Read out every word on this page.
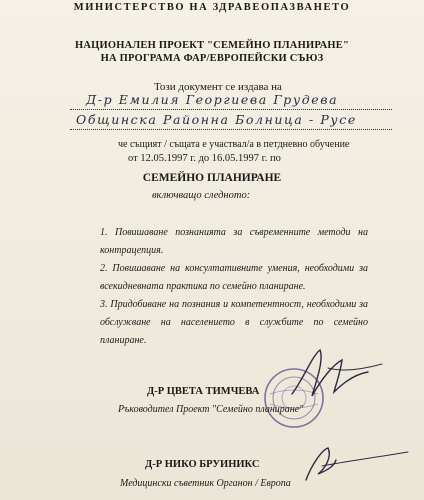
МИНИСТЕРСТВО НА ЗДРАВЕОПАЗВАНЕТО
НАЦИОНАЛЕН ПРОЕКТ "СЕМЕЙНО ПЛАНИРАНЕ"
НА ПРОГРАМА ФАР/ЕВРОПЕЙСКИ СЪЮЗ
Този документ се издава на
Д-р Емилия Георгиева Грудева
Общинска Районна Болница - Русе
че същият / същата е участвал/а в петдневно обучение
от 12.05.1997 г. до 16.05.1997 г. по
СЕМЕЙНО ПЛАНИРАНЕ
включващо следното:
1. Повишаване познанията за съвременните методи на контрацепция.
2. Повишаване на консултативните умения, необходими за всекидневната практика по семейно планиране.
3. Придобиване на познания и компетентност, необходими за обслужване на населението в службите по семейно планиране.
Д-Р ЦВЕТА ТИМЧЕВА
Ръководител Проект "Семейно планиране"
Д-Р НИКО БРУИНИКС
Медицински съветник Органон / Европа
